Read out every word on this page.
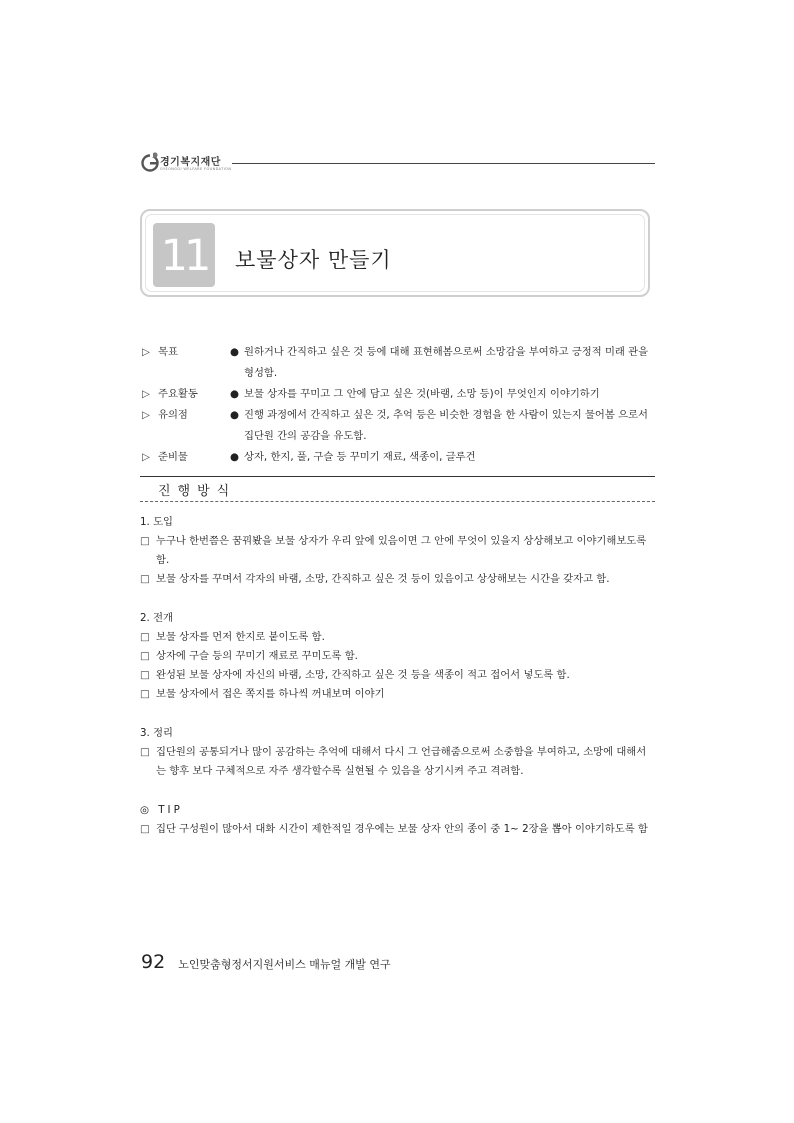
경기복지재단
GYEONGGI WELFARE FOUNDATION
11	보물상자 만들기
▷ 목표	● 원하거나 간직하고 싶은 것 등에 대해 표현해봄으로써 소망감을 부여하고 긍정적 미래 관을 형성함.
▷ 주요활동	● 보물 상자를 꾸미고 그 안에 담고 싶은 것(바램, 소망 등)이 무엇인지 이야기하기
▷ 유의점	● 진행 과정에서 간직하고 싶은 것, 추억 등은 비슷한 경험을 한 사람이 있는지 물어봄 으로서 집단원 간의 공감을 유도함.
▷ 준비물	● 상자, 한지, 풀, 구슬 등 꾸미기 재료, 색종이, 글루건
진행방식
1. 도입
□ 누구나 한번쯤은 꿈꿔봤을 보물 상자가 우리 앞에 있음이면 그 안에 무엇이 있을지 상상해보고 이야기해보도록 함.
□ 보물 상자를 꾸며서 각자의 바램, 소망, 간직하고 싶은 것 등이 있음이고 상상해보는 시간을 갖자고 함.
2. 전개
□ 보물 상자를 먼저 한지로 붙이도록 함.
□ 상자에 구슬 등의 꾸미기 재료로 꾸미도록 함.
□ 완성된 보물 상자에 자신의 바램, 소망, 간직하고 싶은 것 등을 색종이 적고 접어서 넣도록 함.
□ 보물 상자에서 접은 쪽지를 하나씩 꺼내보며 이야기
3. 정리
□ 집단원의 공통되거나 많이 공감하는 추억에 대해서 다시 그 언급해줌으로써 소중함을 부여하고, 소망에 대해서는 향후 보다 구체적으로 자주 생각할수록 실현될 수 있음을 상기시켜 주고 격려함.
◎ TIP
□ 집단 구성원이 많아서 대화 시간이 제한적일 경우에는 보물 상자 안의 종이 중 1~ 2장을 뽑아 이야기하도록 함
92 노인맞춤형정서지원서비스 매뉴얼 개발 연구
